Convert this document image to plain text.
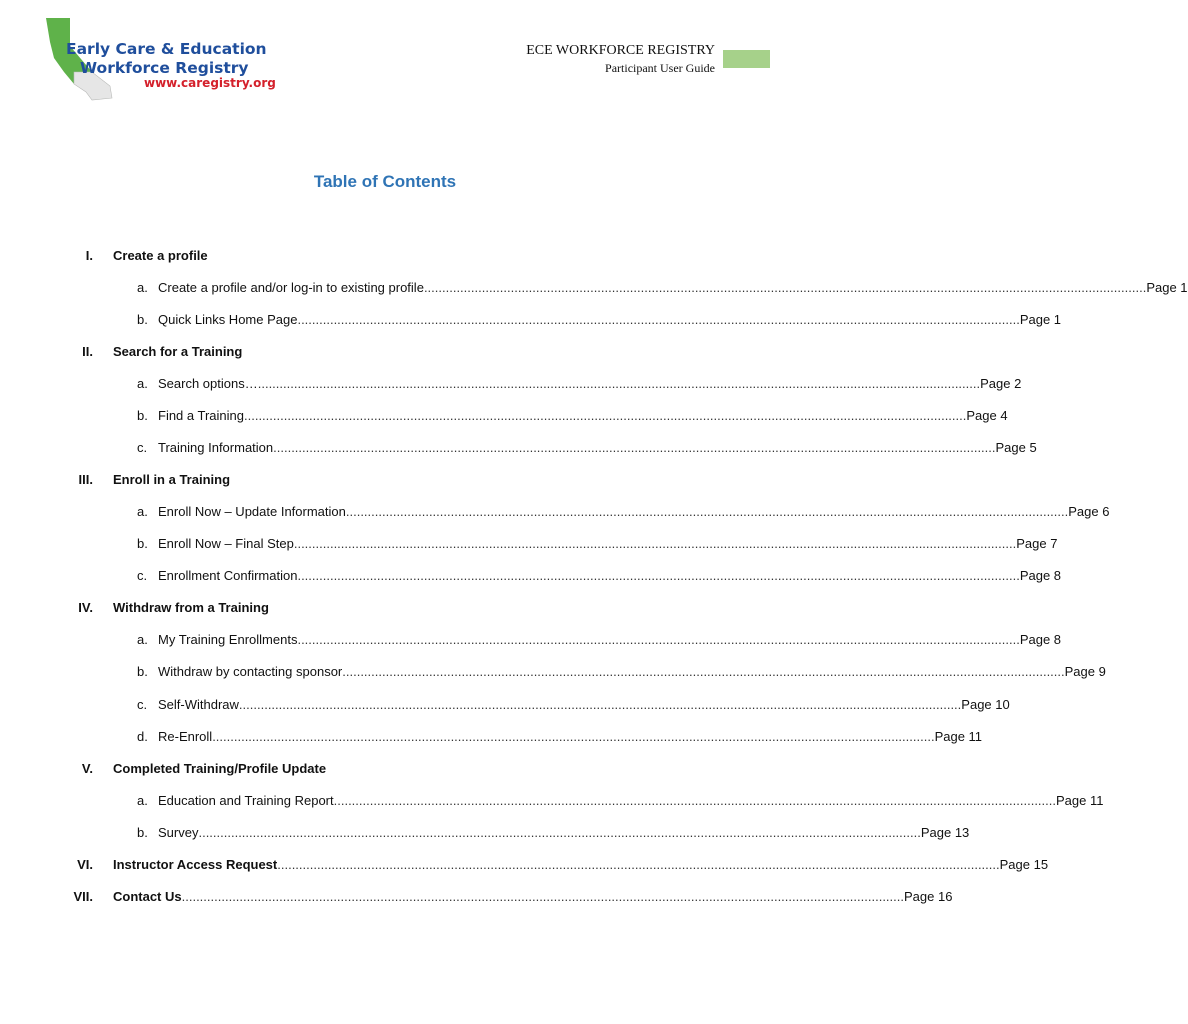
Early Care & Education
Workforce Registry
www.caregistry.org
ECE WORKFORCE REGISTRY
Participant User Guide
Table of Contents
I. Create a profile
a. Create a profile and/or log-in to existing profile ........................................................................................................................................................................................................ Page 1
b. Quick Links Home Page ........................................................................................................................................................................................................ Page 1
II. Search for a Training
a. Search options… ........................................................................................................................................................................................................ Page 2
b. Find a Training ........................................................................................................................................................................................................ Page 4
c. Training Information ........................................................................................................................................................................................................ Page 5
III. Enroll in a Training
a. Enroll Now – Update Information ........................................................................................................................................................................................................ Page 6
b. Enroll Now – Final Step ........................................................................................................................................................................................................ Page 7
c. Enrollment Confirmation ........................................................................................................................................................................................................ Page 8
IV. Withdraw from a Training
a. My Training Enrollments ........................................................................................................................................................................................................ Page 8
b. Withdraw by contacting sponsor ........................................................................................................................................................................................................ Page 9
c. Self-Withdraw ........................................................................................................................................................................................................ Page 10
d. Re-Enroll ........................................................................................................................................................................................................ Page 11
V. Completed Training/Profile Update
a. Education and Training Report ........................................................................................................................................................................................................ Page 11
b. Survey ........................................................................................................................................................................................................ Page 13
VI. Instructor Access Request ........................................................................................................................................................................................................ Page 15
VII. Contact Us ........................................................................................................................................................................................................ Page 16
